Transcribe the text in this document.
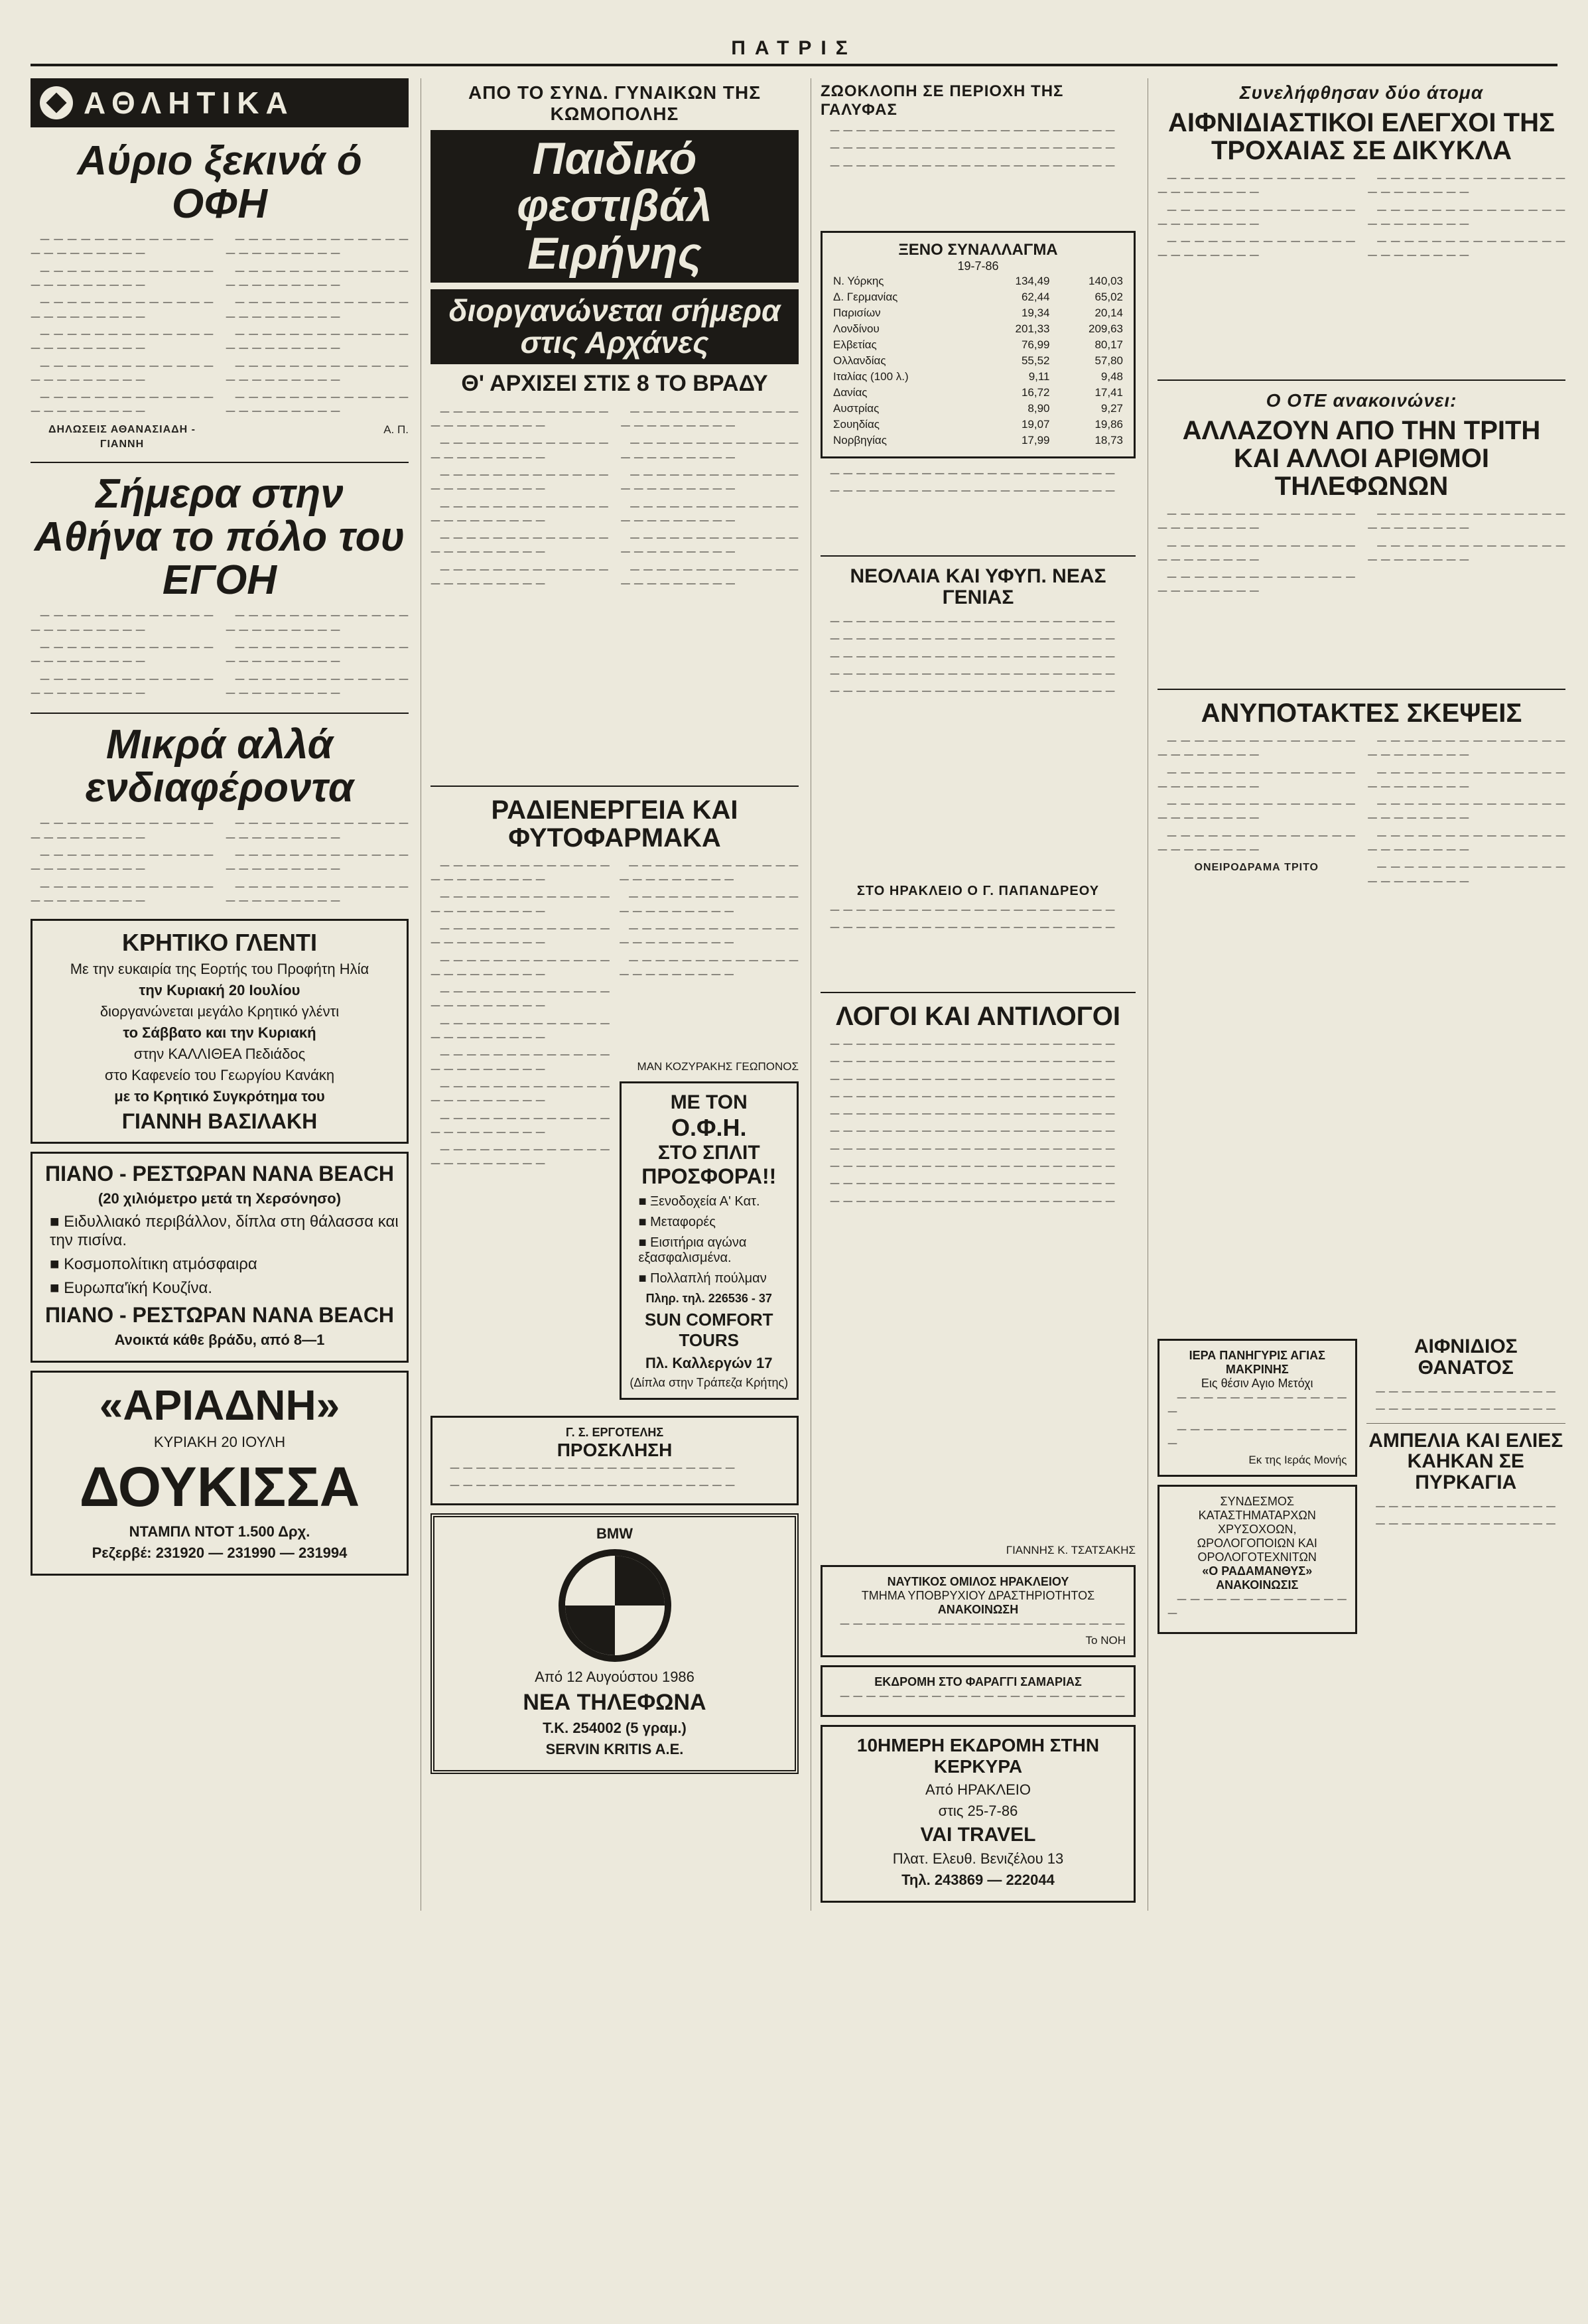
ΠΑΤΡΙΣ
ΑΘΛΗΤΙΚΑ
Αύριο ξεκινά ό ΟΦΗ

— — — — — — — — — — — — — — — — — — — — — —

— — — — — — — — — — — — — — — — — — — — — —

— — — — — — — — — — — — — — — — — — — — — —

— — — — — — — — — — — — — — — — — — — — — —

— — — — — — — — — — — — — — — — — — — — — —

— — — — — — — — — — — — — — — — — — — — — —

ΔΗΛΩΣΕΙΣ ΑΘΑΝΑΣΙΑΔΗ - ΓΙΑΝΝΗ

— — — — — — — — — — — — — — — — — — — — — —

— — — — — — — — — — — — — — — — — — — — — —

— — — — — — — — — — — — — — — — — — — — — —

— — — — — — — — — — — — — — — — — — — — — —

— — — — — — — — — — — — — — — — — — — — — —

— — — — — — — — — — — — — — — — — — — — — —

Α. Π.
Σήμερα στην Αθήνα το πόλο του ΕΓΟΗ

— — — — — — — — — — — — — — — — — — — — — —

— — — — — — — — — — — — — — — — — — — — — —

— — — — — — — — — — — — — — — — — — — — — —

— — — — — — — — — — — — — — — — — — — — — —

— — — — — — — — — — — — — — — — — — — — — —

— — — — — — — — — — — — — — — — — — — — — —

Μικρά αλλά ενδιαφέροντα

— — — — — — — — — — — — — — — — — — — — — —

— — — — — — — — — — — — — — — — — — — — — —

— — — — — — — — — — — — — — — — — — — — — —

— — — — — — — — — — — — — — — — — — — — — —

— — — — — — — — — — — — — — — — — — — — — —

— — — — — — — — — — — — — — — — — — — — — —

ΚΡΗΤΙΚΟ ΓΛΕΝΤΙ
Με την ευκαιρία της Εορτής του Προφήτη Ηλία
την Κυριακή 20 Ιουλίου
διοργανώνεται μεγάλο Κρητικό γλέντι
το Σάββατο και την Κυριακή
στην ΚΑΛΛΙΘΕΑ Πεδιάδος
στο Καφενείο του Γεωργίου Κανάκη
με το Κρητικό Συγκρότημα του
ΓΙΑΝΝΗ ΒΑΣΙΛΑΚΗ
ΠΙΑΝΟ - ΡΕΣΤΩΡΑΝ NANA BEACH
(20 χιλιόμετρο μετά τη Χερσόνησο)
■ Ειδυλλιακό περιβάλλον, δίπλα στη θάλασσα και την πισίνα.
■ Κοσμοπολίτικη ατμόσφαιρα
■ Ευρωπα'ϊκή Κουζίνα.
ΠΙΑΝΟ - ΡΕΣΤΩΡΑΝ NANA BEACH
Ανοικτά κάθε βράδυ, από 8—1
«ΑΡΙΑΔΝΗ»
ΚΥΡΙΑΚΗ 20 ΙΟΥΛΗ
ΔΟΥΚΙΣΣΑ
ΝΤΑΜΠΛ ΝΤΟΤ 1.500 Δρχ.
Ρεζερβέ: 231920 — 231990 — 231994
ΑΠΟ ΤΟ ΣΥΝΔ. ΓΥΝΑΙΚΩΝ ΤΗΣ ΚΩΜΟΠΟΛΗΣ
Παιδικό φεστιβάλ Ειρήνης
διοργανώνεται σήμερα στις Αρχάνες
Θ' ΑΡΧΙΣΕΙ ΣΤΙΣ 8 ΤΟ ΒΡΑΔΥ

— — — — — — — — — — — — — — — — — — — — — —

— — — — — — — — — — — — — — — — — — — — — —

— — — — — — — — — — — — — — — — — — — — — —

— — — — — — — — — — — — — — — — — — — — — —

— — — — — — — — — — — — — — — — — — — — — —

— — — — — — — — — — — — — — — — — — — — — —

— — — — — — — — — — — — — — — — — — — — — —

— — — — — — — — — — — — — — — — — — — — — —

— — — — — — — — — — — — — — — — — — — — — —

— — — — — — — — — — — — — — — — — — — — — —

— — — — — — — — — — — — — — — — — — — — — —

— — — — — — — — — — — — — — — — — — — — — —

ΡΑΔΙΕΝΕΡΓΕΙΑ ΚΑΙ ΦΥΤΟΦΑΡΜΑΚΑ

— — — — — — — — — — — — — — — — — — — — — —

— — — — — — — — — — — — — — — — — — — — — —

— — — — — — — — — — — — — — — — — — — — — —

— — — — — — — — — — — — — — — — — — — — — —

— — — — — — — — — — — — — — — — — — — — — —

— — — — — — — — — — — — — — — — — — — — — —

— — — — — — — — — — — — — — — — — — — — — —

— — — — — — — — — — — — — — — — — — — — — —

— — — — — — — — — — — — — — — — — — — — — —

— — — — — — — — — — — — — — — — — — — — — —

— — — — — — — — — — — — — — — — — — — — — —

— — — — — — — — — — — — — — — — — — — — — —

— — — — — — — — — — — — — — — — — — — — — —

— — — — — — — — — — — — — — — — — — — — — —

ΜΑΝ ΚΟΖΥΡΑΚΗΣ ΓΕΩΠΟΝΟΣ
ΜΕ ΤΟΝ
Ο.Φ.Η.
ΣΤΟ ΣΠΛΙΤ
ΠΡΟΣΦΟΡΑ!!
■ Ξενοδοχεία Α' Κατ.
■ Μεταφορές
■ Εισιτήρια αγώνα εξασφαλισμένα.
■ Πολλαπλή πούλμαν
Πληρ. τηλ. 226536 - 37
SUN COMFORT TOURS
Πλ. Καλλεργών 17
(Δίπλα στην Τράπεζα Κρήτης)
Γ. Σ. ΕΡΓΟΤΕΛΗΣ
ΠΡΟΣΚΛΗΣΗ

— — — — — — — — — — — — — — — — — — — — — —

— — — — — — — — — — — — — — — — — — — — — —

BMW
Από 12 Αυγούστου 1986
ΝΕΑ ΤΗΛΕΦΩΝΑ
Τ.Κ. 254002 (5 γραμ.)
SERVIN KRITIS A.E.
ΖΩΟΚΛΟΠΗ ΣΕ ΠΕΡΙΟΧΗ ΤΗΣ ΓΑΛΥΦΑΣ

— — — — — — — — — — — — — — — — — — — — — —

— — — — — — — — — — — — — — — — — — — — — —

— — — — — — — — — — — — — — — — — — — — — —

ΞΕΝΟ ΣΥΝΑΛΛΑΓΜΑ
19-7-86
Ν. Υόρκης	134,49	140,03
Δ. Γερμανίας	62,44	65,02
Παρισίων	19,34	20,14
Λονδίνου	201,33	209,63
Ελβετίας	76,99	80,17
Ολλανδίας	55,52	57,80
Ιταλίας (100 λ.)	9,11	9,48
Δανίας	16,72	17,41
Αυστρίας	8,90	9,27
Σουηδίας	19,07	19,86
Νορβηγίας	17,99	18,73

— — — — — — — — — — — — — — — — — — — — — —

— — — — — — — — — — — — — — — — — — — — — —

ΝΕΟΛΑΙΑ ΚΑΙ ΥΦΥΠ. ΝΕΑΣ ΓΕΝΙΑΣ

— — — — — — — — — — — — — — — — — — — — — —

— — — — — — — — — — — — — — — — — — — — — —

— — — — — — — — — — — — — — — — — — — — — —

— — — — — — — — — — — — — — — — — — — — — —

— — — — — — — — — — — — — — — — — — — — — —

ΣΤΟ ΗΡΑΚΛΕΙΟ Ο Γ. ΠΑΠΑΝΔΡΕΟΥ

— — — — — — — — — — — — — — — — — — — — — —

— — — — — — — — — — — — — — — — — — — — — —

ΛΟΓΟΙ ΚΑΙ ΑΝΤΙΛΟΓΟΙ

— — — — — — — — — — — — — — — — — — — — — —

— — — — — — — — — — — — — — — — — — — — — —

— — — — — — — — — — — — — — — — — — — — — —

— — — — — — — — — — — — — — — — — — — — — —

— — — — — — — — — — — — — — — — — — — — — —

— — — — — — — — — — — — — — — — — — — — — —

— — — — — — — — — — — — — — — — — — — — — —

— — — — — — — — — — — — — — — — — — — — — —

— — — — — — — — — — — — — — — — — — — — — —

— — — — — — — — — — — — — — — — — — — — — —

ΓΙΑΝΝΗΣ Κ. ΤΣΑΤΣΑΚΗΣ
ΝΑΥΤΙΚΟΣ ΟΜΙΛΟΣ ΗΡΑΚΛΕΙΟΥ
ΤΜΗΜΑ ΥΠΟΒΡΥΧΙΟΥ ΔΡΑΣΤΗΡΙΟΤΗΤΟΣ
ΑΝΑΚΟΙΝΩΣΗ

— — — — — — — — — — — — — — — — — — — — — —

Το ΝΟΗ
ΕΚΔΡΟΜΗ ΣΤΟ ΦΑΡΑΓΓΙ ΣΑΜΑΡΙΑΣ

— — — — — — — — — — — — — — — — — — — — — —

10ΗΜΕΡΗ ΕΚΔΡΟΜΗ ΣΤΗΝ ΚΕΡΚΥΡΑ
Από ΗΡΑΚΛΕΙΟ
στις 25-7-86
VAI TRAVEL
Πλατ. Ελευθ. Βενιζέλου 13
Τηλ. 243869 — 222044
Συνελήφθησαν δύο άτομα
ΑΙΦΝΙΔΙΑΣΤΙΚΟΙ ΕΛΕΓΧΟΙ ΤΗΣ ΤΡΟΧΑΙΑΣ ΣΕ ΔΙΚΥΚΛΑ

— — — — — — — — — — — — — — — — — — — — — —

— — — — — — — — — — — — — — — — — — — — — —

— — — — — — — — — — — — — — — — — — — — — —

— — — — — — — — — — — — — — — — — — — — — —

— — — — — — — — — — — — — — — — — — — — — —

— — — — — — — — — — — — — — — — — — — — — —

Ο ΟΤΕ ανακοινώνει:
ΑΛΛΑΖΟΥΝ ΑΠΟ ΤΗΝ ΤΡΙΤΗ ΚΑΙ ΑΛΛΟΙ ΑΡΙΘΜΟΙ ΤΗΛΕΦΩΝΩΝ

— — — — — — — — — — — — — — — — — — — — — —

— — — — — — — — — — — — — — — — — — — — — —

— — — — — — — — — — — — — — — — — — — — — —

— — — — — — — — — — — — — — — — — — — — — —

— — — — — — — — — — — — — — — — — — — — — —

ΑΝΥΠΟΤΑΚΤΕΣ ΣΚΕΨΕΙΣ

— — — — — — — — — — — — — — — — — — — — — —

— — — — — — — — — — — — — — — — — — — — — —

— — — — — — — — — — — — — — — — — — — — — —

— — — — — — — — — — — — — — — — — — — — — —

ΟΝΕΙΡΟΔΡΑΜΑ ΤΡΙΤΟ

— — — — — — — — — — — — — — — — — — — — — —

— — — — — — — — — — — — — — — — — — — — — —

— — — — — — — — — — — — — — — — — — — — — —

— — — — — — — — — — — — — — — — — — — — — —

— — — — — — — — — — — — — — — — — — — — — —

ΙΕΡΑ ΠΑΝΗΓΥΡΙΣ ΑΓΙΑΣ ΜΑΚΡΙΝΗΣ
Εις θέσιν Αγιο Μετόχι

— — — — — — — — — — — — — —

— — — — — — — — — — — — — —

Εκ της Ιεράς Μονής
ΣΥΝΔΕΣΜΟΣ ΚΑΤΑΣΤΗΜΑΤΑΡΧΩΝ ΧΡΥΣΟΧΟΩΝ, ΩΡΟΛΟΓΟΠΟΙΩΝ ΚΑΙ ΟΡΟΛΟΓΟΤΕΧΝΙΤΩΝ
«Ο ΡΑΔΑΜΑΝΘΥΣ»
ΑΝΑΚΟΙΝΩΣΙΣ

— — — — — — — — — — — — — —

ΑΙΦΝΙΔΙΟΣ ΘΑΝΑΤΟΣ

— — — — — — — — — — — — — —

— — — — — — — — — — — — — —

ΑΜΠΕΛΙΑ ΚΑΙ ΕΛΙΕΣ ΚΑΗΚΑΝ ΣΕ ΠΥΡΚΑΓΙΑ

— — — — — — — — — — — — — —

— — — — — — — — — — — — — —
